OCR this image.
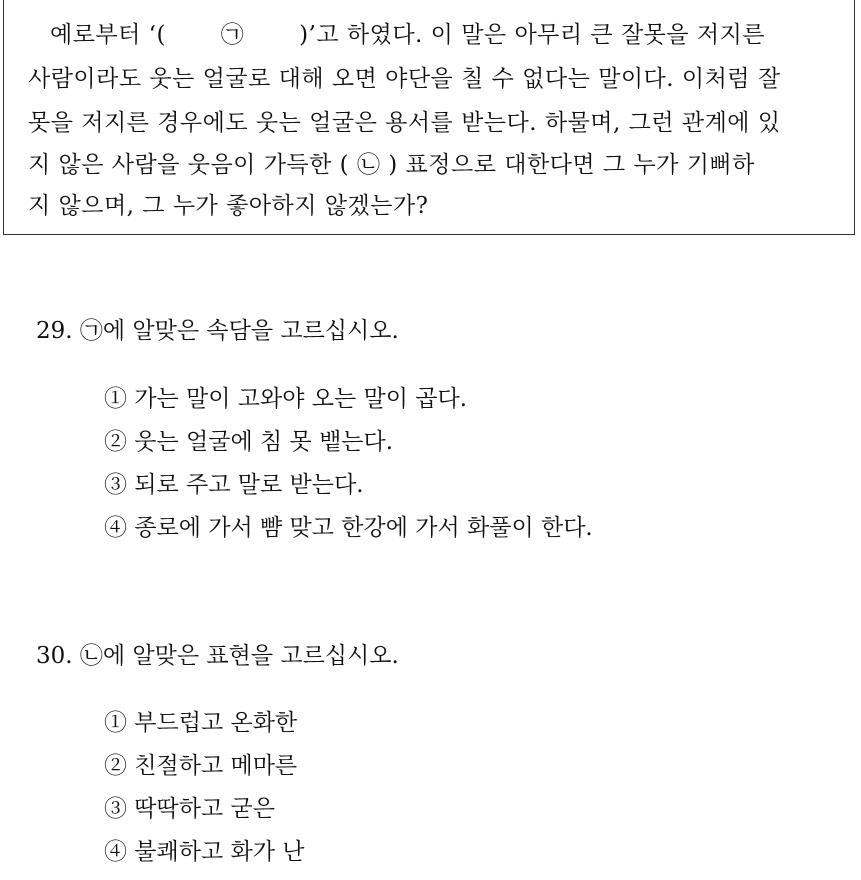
예로부터 ‘(　　 ㉠ 　　)’고 하였다. 이 말은 아무리 큰 잘못을 저지른
사람이라도 웃는 얼굴로 대해 오면 야단을 칠 수 없다는 말이다. 이처럼 잘
못을 저지른 경우에도 웃는 얼굴은 용서를 받는다. 하물며, 그런 관계에 있
지 않은 사람을 웃음이 가득한 ( ㉡ ) 표정으로 대한다면 그 누가 기뻐하
지 않으며, 그 누가 좋아하지 않겠는가?
29. ㉠에 알맞은 속담을 고르십시오.
① 가는 말이 고와야 오는 말이 곱다.
② 웃는 얼굴에 침 못 뱉는다.
③ 되로 주고 말로 받는다.
④ 종로에 가서 뺨 맞고 한강에 가서 화풀이 한다.
30. ㉡에 알맞은 표현을 고르십시오.
① 부드럽고 온화한
② 친절하고 메마른
③ 딱딱하고 굳은
④ 불쾌하고 화가 난
